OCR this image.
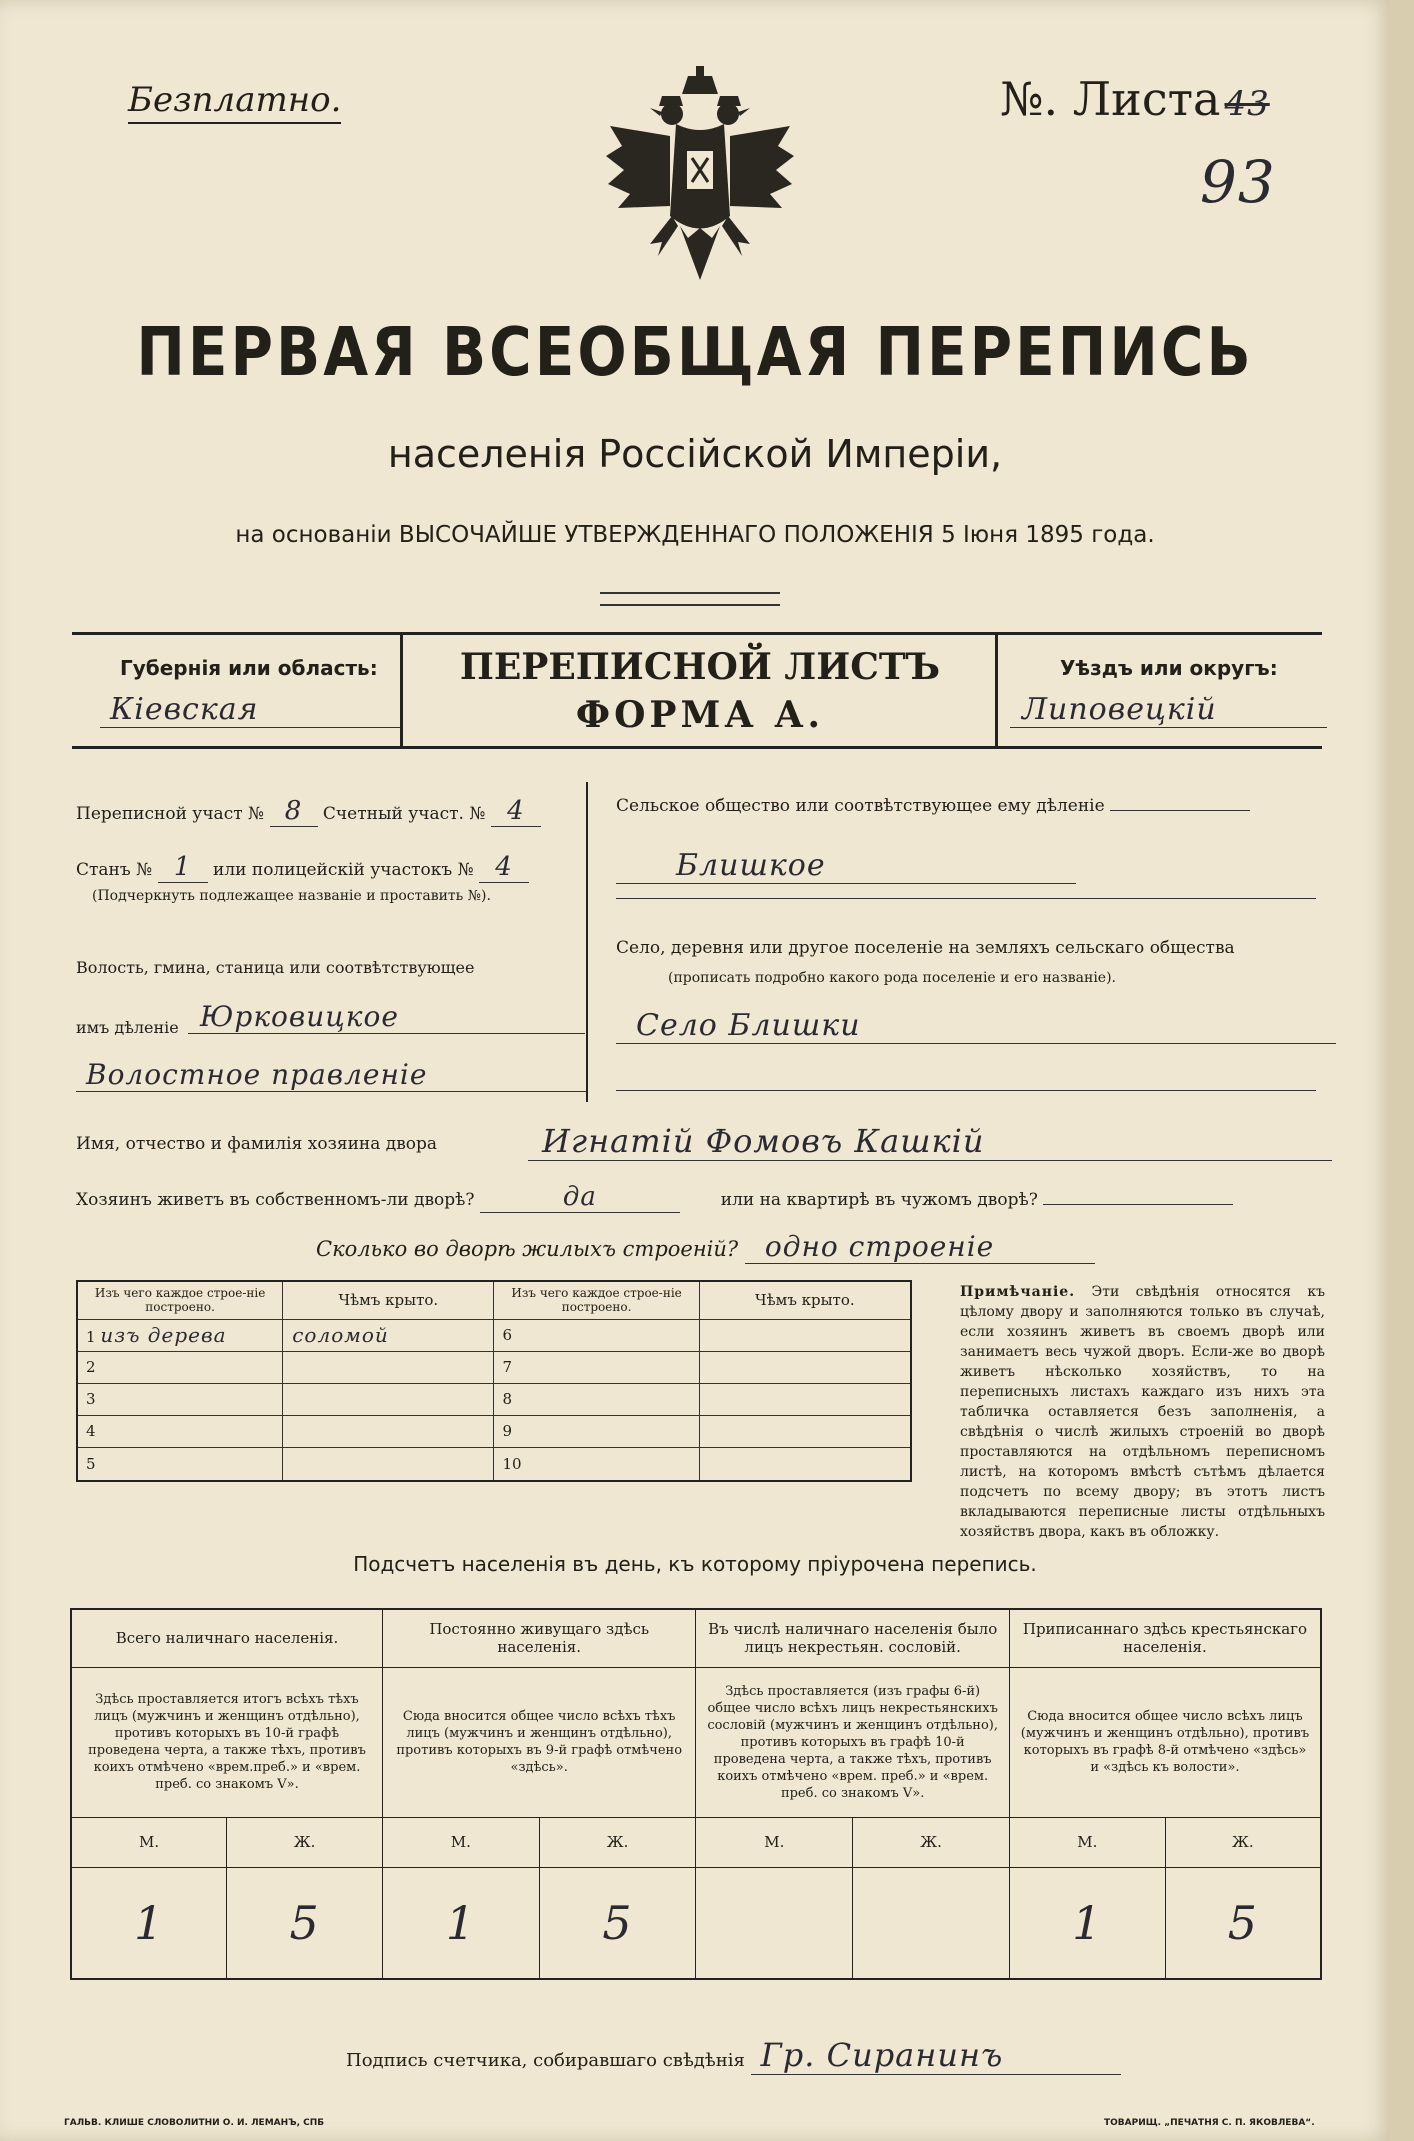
Безплатно.	№. Листа 43
93
ПЕРВАЯ ВСЕОБЩАЯ ПЕРЕПИСЬ
населенія Россійской Имперіи,
на основаніи ВЫСОЧАЙШЕ УТВЕРЖДЕННАГО ПОЛОЖЕНІЯ 5 Іюня 1895 года.
Губернія или область:
Кіевская
ПЕРЕПИСНОЙ ЛИСТЪ
ФОРМА А.
Уѣздъ или округъ:
Липовецкій
Переписной участ № 8 Счетный участ. № 4
Станъ № 1 или полицейскій участокъ № 4
(Подчеркнуть подлежащее названіе и проставить №).
Волость, гмина, станица или соотвѣтствующее
имъ дѣленіе Юрковицкое
Волостное правленіе
Сельское общество или соотвѣтствующее ему дѣленіе
Блишкое
Село, деревня или другое поселеніе на земляхъ сельскаго общества
(прописать подробно какого рода поселеніе и его названіе).
Село Блишки
Имя, отчество и фамилія хозяина двора	Игнатій Фомовъ Кашкій
Хозяинъ живетъ въ собственномъ-ли дворѣ?	да	или на квартирѣ въ чужомъ дворѣ?
Сколько во дворѣ жилыхъ строеній? одно строеніе
Изъ чего каждое строе-ніе построено.	Чѣмъ крыто.	Изъ чего каждое строе-ніе построено.	Чѣмъ крыто.
1 изъ дерева	соломой	6	
2		7	
3		8	
4		9	
5		10	
Примѣчаніе. Эти свѣдѣнія относятся къ цѣлому двору и заполняются только въ случаѣ, если хозяинъ живетъ въ своемъ дворѣ или занимаетъ весь чужой дворъ. Если-же во дворѣ живетъ нѣсколько хозяйствъ, то на переписныхъ листахъ каждаго изъ нихъ эта табличка оставляется безъ заполненія, а свѣдѣнія о числѣ жилыхъ строеній во дворѣ проставляются на отдѣльномъ переписномъ листѣ, на которомъ вмѣстѣ сътѣмъ дѣлается подсчетъ по всему двору; въ этотъ листъ вкладываются переписные листы отдѣльныхъ хозяйствъ двора, какъ въ обложку.
Подсчетъ населенія въ день, къ которому пріурочена перепись.
Всего наличнаго населенія.		Постоянно живущаго здѣсь населенія.		Въ числѣ наличнаго населенія было лицъ некрестьян. сословій.		Приписаннаго здѣсь крестьянскаго населенія.	
Здѣсь проставляется итогъ всѣхъ тѣхъ лицъ (мужчинъ и женщинъ отдѣльно), противъ которыхъ въ 10-й графѣ проведена черта, а также тѣхъ, противъ коихъ отмѣчено «врем.преб.» и «врем. преб. со знакомъ V».		Сюда вносится общее число всѣхъ тѣхъ лицъ (мужчинъ и женщинъ отдѣльно), противъ которыхъ въ 9-й графѣ отмѣчено «здѣсь».		Здѣсь проставляется (изъ графы 6-й) общее число всѣхъ лицъ некрестьянскихъ сословій (мужчинъ и женщинъ отдѣльно), противъ которыхъ въ графѣ 10-й проведена черта, а также тѣхъ, противъ коихъ отмѣчено «врем. преб.» и «врем. преб. со знакомъ V».		Сюда вносится общее число всѣхъ лицъ (мужчинъ и женщинъ отдѣльно), противъ которыхъ въ графѣ 8-й отмѣчено «здѣсь» и «здѣсь къ волости».	
М.	Ж.	М.	Ж.	М.	Ж.	М.	Ж.
1	5	1	5			1	5
Подпись счетчика, собиравшаго свѣдѣнія Гр. Сиранинъ
ГАЛЬВ. КЛИШЕ СЛОВОЛИТНИ О. И. ЛЕМАНЪ, СПБ	ТОВАРИЩ. „ПЕЧАТНЯ С. П. ЯКОВЛЕВА“.
